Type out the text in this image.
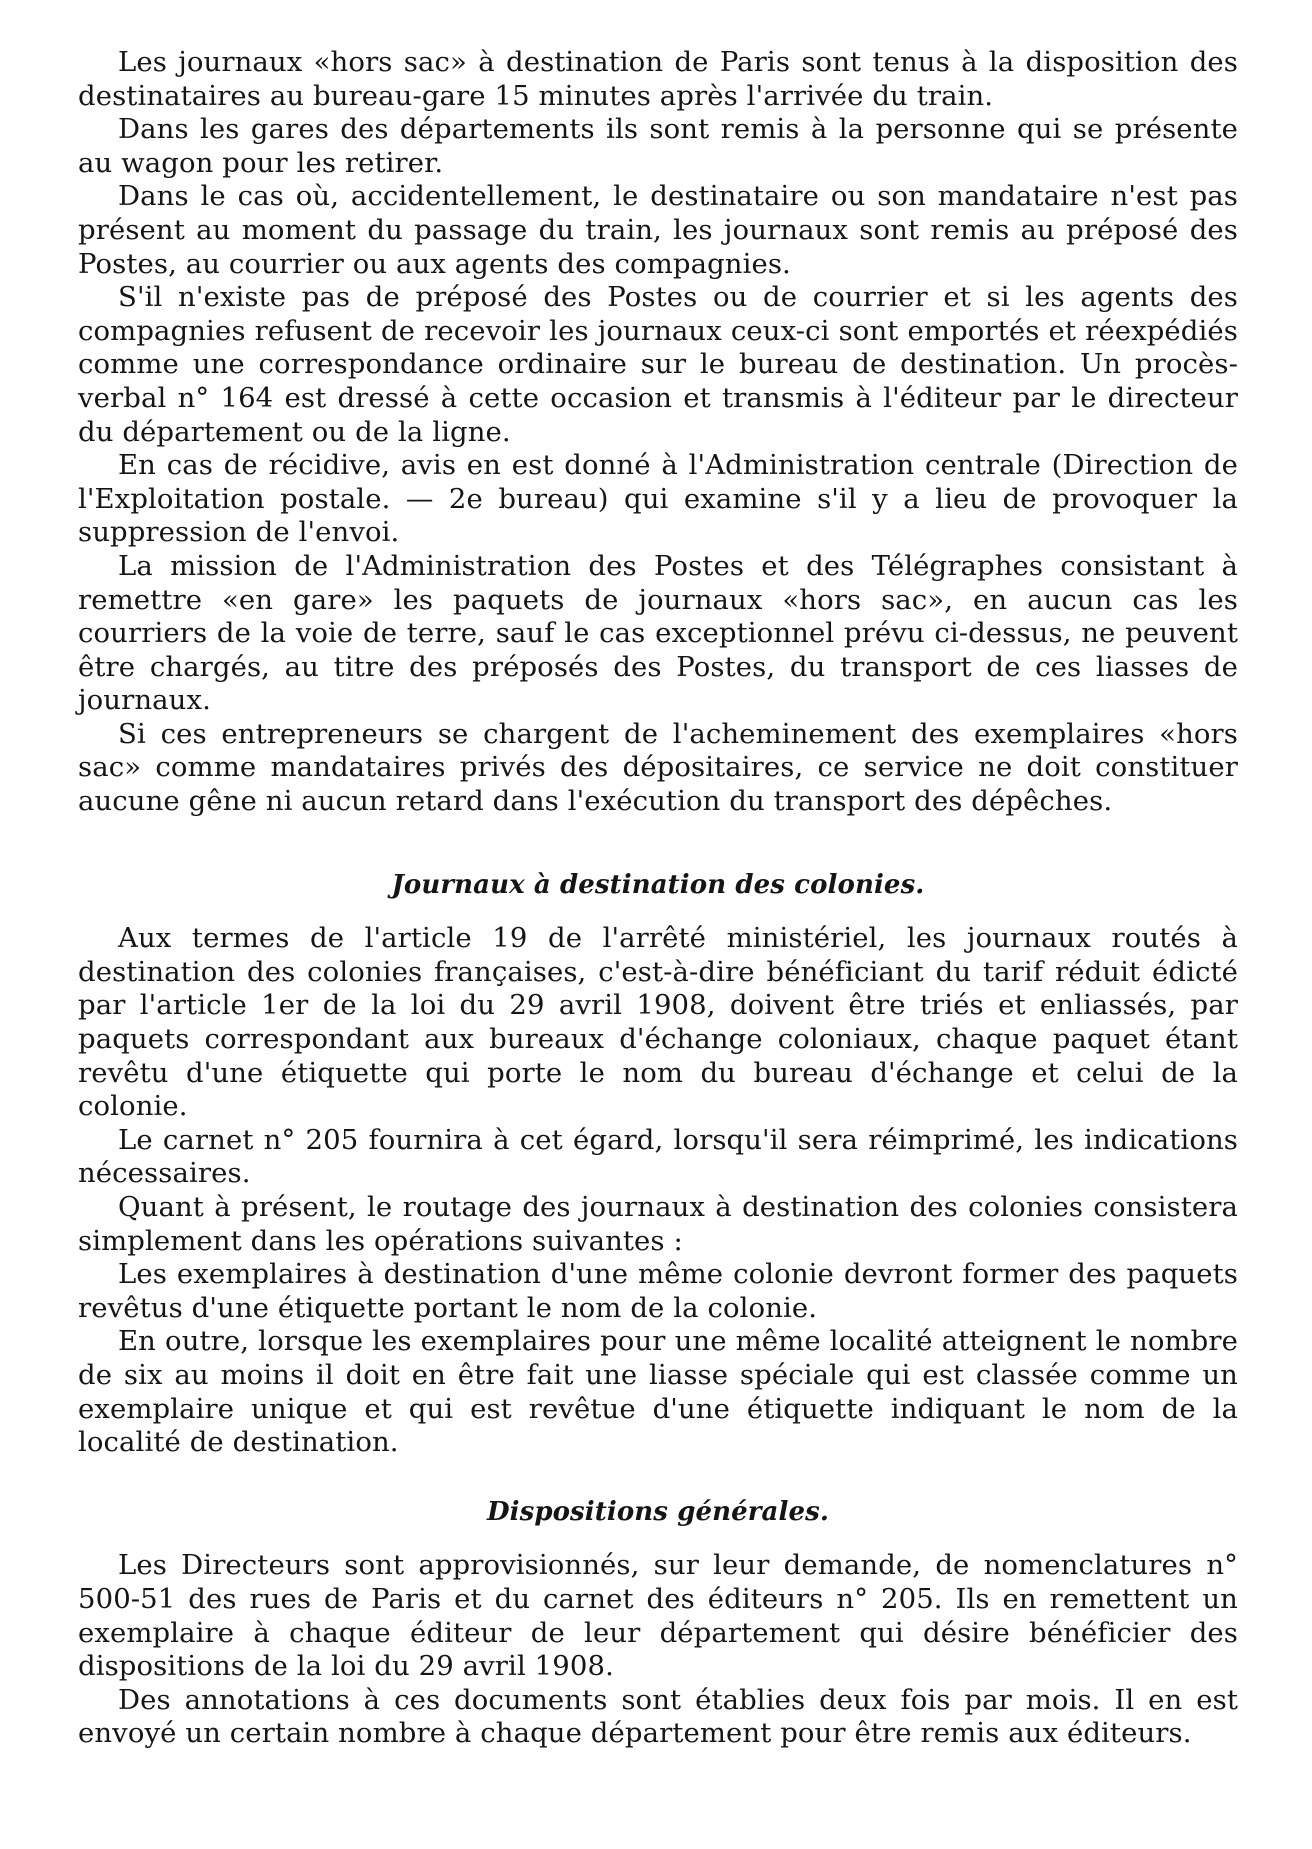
Les journaux «hors sac» à destination de Paris sont tenus à la disposition des destinataires au bureau-gare 15 minutes après l'arrivée du train.

Dans les gares des départements ils sont remis à la personne qui se présente au wagon pour les retirer.

Dans le cas où, accidentellement, le destinataire ou son mandataire n'est pas présent au moment du passage du train, les journaux sont remis au préposé des Postes, au courrier ou aux agents des compagnies.

S'il n'existe pas de préposé des Postes ou de courrier et si les agents des compagnies refusent de recevoir les journaux ceux-ci sont emportés et réexpédiés comme une correspondance ordinaire sur le bureau de destination. Un procès-verbal n° 164 est dressé à cette occasion et transmis à l'éditeur par le directeur du département ou de la ligne.

En cas de récidive, avis en est donné à l'Administration centrale (Direction de l'Exploitation postale. — 2e bureau) qui examine s'il y a lieu de provoquer la suppression de l'envoi.

La mission de l'Administration des Postes et des Télégraphes consistant à remettre «en gare» les paquets de journaux «hors sac», en aucun cas les courriers de la voie de terre, sauf le cas exceptionnel prévu ci-dessus, ne peuvent être chargés, au titre des préposés des Postes, du transport de ces liasses de journaux.

Si ces entrepreneurs se chargent de l'acheminement des exemplaires «hors sac» comme mandataires privés des dépositaires, ce service ne doit constituer aucune gêne ni aucun retard dans l'exécution du transport des dépêches.

Journaux à destination des colonies.

Aux termes de l'article 19 de l'arrêté ministériel, les journaux routés à destination des colonies françaises, c'est-à-dire bénéficiant du tarif réduit édicté par l'article 1er de la loi du 29 avril 1908, doivent être triés et enliassés, par paquets correspondant aux bureaux d'échange coloniaux, chaque paquet étant revêtu d'une étiquette qui porte le nom du bureau d'échange et celui de la colonie.

Le carnet n° 205 fournira à cet égard, lorsqu'il sera réimprimé, les indications nécessaires.

Quant à présent, le routage des journaux à destination des colonies consistera simplement dans les opérations suivantes :

Les exemplaires à destination d'une même colonie devront former des paquets revêtus d'une étiquette portant le nom de la colonie.

En outre, lorsque les exemplaires pour une même localité atteignent le nombre de six au moins il doit en être fait une liasse spéciale qui est classée comme un exemplaire unique et qui est revêtue d'une étiquette indiquant le nom de la localité de destination.

Dispositions générales.

Les Directeurs sont approvisionnés, sur leur demande, de nomenclatures n° 500-51 des rues de Paris et du carnet des éditeurs n° 205. Ils en remettent un exemplaire à chaque éditeur de leur département qui désire bénéficier des dispositions de la loi du 29 avril 1908.

Des annotations à ces documents sont établies deux fois par mois. Il en est envoyé un certain nombre à chaque département pour être remis aux éditeurs.
